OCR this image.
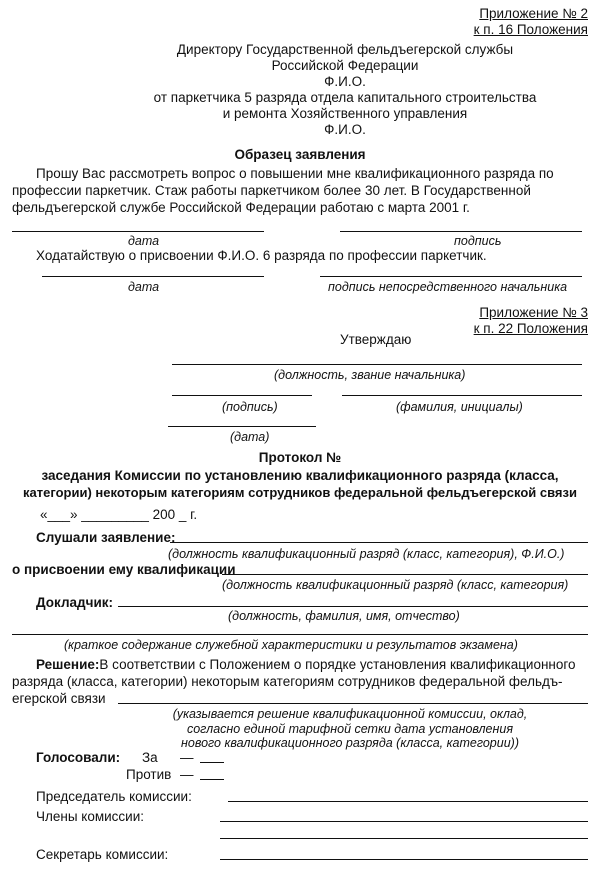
Приложение № 2
к п. 16 Положения
Директору Государственной фельдъегерской службы
Российской Федерации
Ф.И.О.
от паркетчика 5 разряда отдела капитального строительства
и ремонта Хозяйственного управления
Ф.И.О.
Образец заявления
Прошу Вас рассмотреть вопрос о повышении мне квалификационного разряда по
профессии паркетчик. Стаж работы паркетчиком более 30 лет. В Государственной
фельдъегерской службе Российской Федерации работаю с марта 2001 г.
дата	подпись
Ходатайствую о присвоении Ф.И.О. 6 разряда по профессии паркетчик.
дата	подпись непосредственного начальника
Приложение № 3
к п. 22 Положения
Утверждаю
(должность, звание начальника)
(подпись)	(фамилия, инициалы)
(дата)
Протокол №
заседания Комиссии по установлению квалификационного разряда (класса,
категории) некоторым категориям сотрудников федеральной фельдъегерской связи
«___» _________ 200 _ г.
Слушали заявление:
(должность квалификационный разряд (класс, категория), Ф.И.О.)
о присвоении ему квалификации
(должность квалификационный разряд (класс, категория)
Докладчик:
(должность, фамилия, имя, отчество)
(краткое содержание служебной характеристики и результатов экзамена)
Решение:В соответствии с Положением о порядке установления квалификационного
разряда (класса, категории) некоторым категориям сотрудников федеральной фельдъ-
егерской связи
(указывается решение квалификационной комиссии, оклад,
согласно единой тарифной сетки дата установления
нового квалификационного разряда (класса, категории))
Голосовали: За —
Против —
Председатель комиссии:
Члены комиссии:
Секретарь комиссии:
